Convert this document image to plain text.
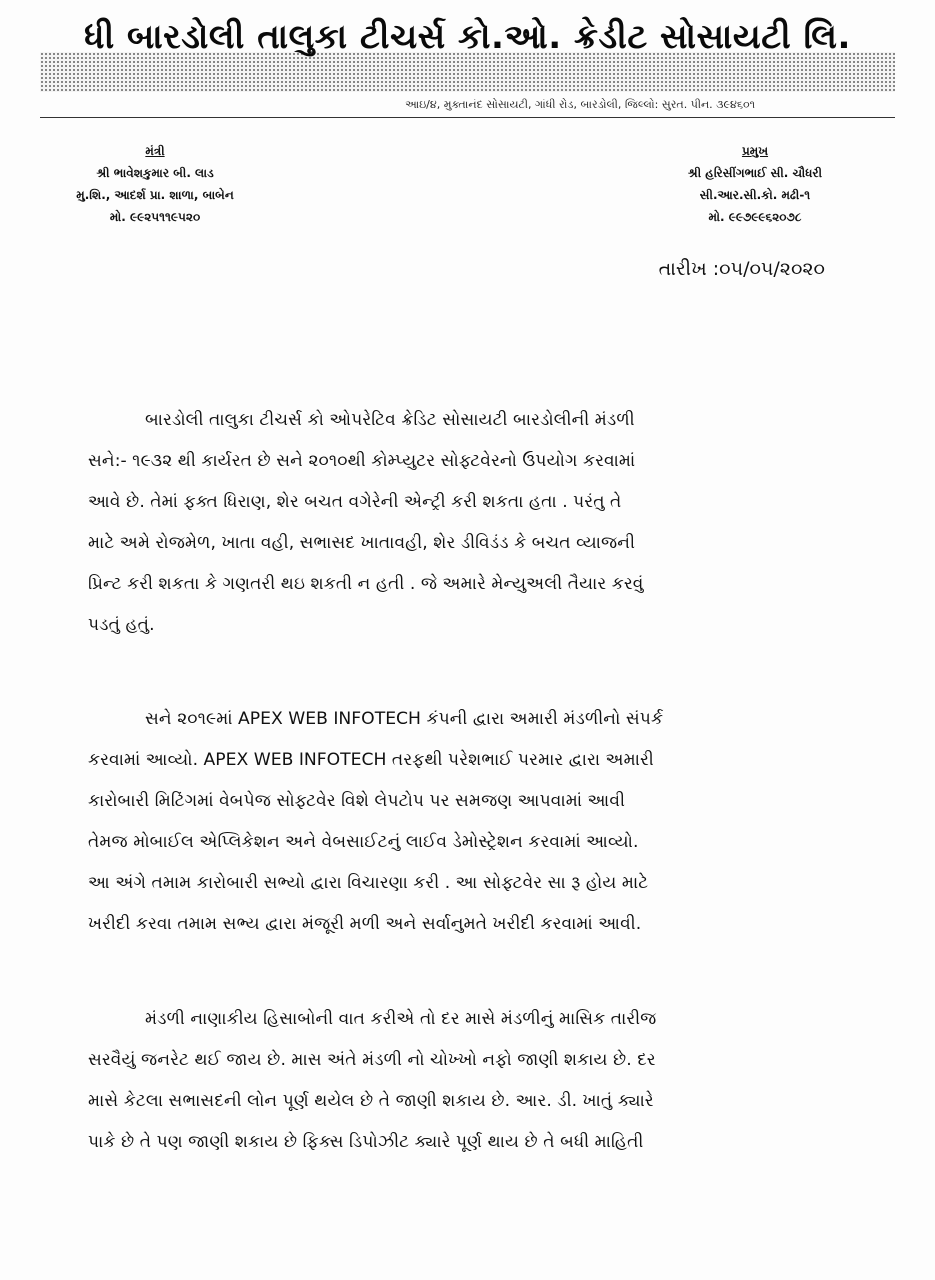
ધી બારડોલી તાલુકા ટીચર્સ કો.ઓ. ક્રેડીટ સોસાયટી લિ.
આઇ/૪, મુક્તાનંદ સોસાયટી, ગાંધી રોડ, બારડોલી, જિલ્લો: સુરત. પીન. ૩૯૪૬૦૧
મંત્રી
શ્રી ભાવેશકુમાર બી. લાડ
મુ.શિ., આદર્શ પ્રા. શાળા, બાબેન
મો. ૯૯૨૫૧૧૯૫૨૦
પ્રમુખ
શ્રી હરિસીંગભાઈ સી. ચૌધરી
સી.આર.સી.કો. મઢી-૧
મો. ૯૯૭૯૯૬૨૦૭૮
તારીખ :૦૫/૦૫/૨૦૨૦
બારડોલી તાલુકા ટીચર્સ કો ઓપરેટિવ ક્રેડિટ સોસાયટી બારડોલીની મંડળી
સને:- ૧૯૩૨ થી કાર્યરત છે સને ૨૦૧૦થી કોમ્પ્યુટર સોફ્ટવેરનો ઉપયોગ કરવામાં
આવે છે. તેમાં ફક્ત ધિરાણ, શેર બચત વગેરેની એન્ટ્રી કરી શકતા હતા . પરંતુ તે
માટે અમે રોજમેળ, ખાતા વહી, સભાસદ ખાતાવહી, શેર ડીવિડંડ કે બચત વ્યાજની
પ્રિન્ટ કરી શકતા કે ગણતરી થઇ શકતી ન હતી . જે અમારે મેન્યુઅલી તૈયાર કરવું
પડતું હતું.
સને ૨૦૧૯માં APEX WEB INFOTECH કંપની દ્વારા અમારી મંડળીનો સંપર્ક
કરવામાં આવ્યો. APEX WEB INFOTECH તરફથી પરેશભાઈ પરમાર દ્વારા અમારી
કારોબારી મિટિંગમાં વેબપેજ સોફ્ટવેર વિશે લેપટોપ પર સમજણ આપવામાં આવી
તેમજ મોબાઈલ એપ્લિકેશન અને વેબસાઈટનું લાઈવ ડેમોસ્ટ્રેશન કરવામાં આવ્યો.
આ અંગે તમામ કારોબારી સભ્યો દ્વારા વિચારણા કરી . આ સોફ્ટવેર સા રૂ હોય માટે
ખરીદી કરવા તમામ સભ્ય દ્વારા મંજૂરી મળી અને સર્વાનુમતે ખરીદી કરવામાં આવી.
મંડળી નાણાકીય હિસાબોની વાત કરીએ તો દર માસે મંડળીનું માસિક તારીજ
સરવૈયું જનરેટ થઈ જાય છે. માસ અંતે મંડળી નો ચોખ્ખો નફો જાણી શકાય છે. દર
માસે કેટલા સભાસદની લોન પૂર્ણ થયેલ છે તે જાણી શકાય છે. આર. ડી. ખાતું ક્યારે
પાકે છે તે પણ જાણી શકાય છે ફિક્સ ડિપોઝીટ ક્યારે પૂર્ણ થાય છે તે બધી માહિતી
